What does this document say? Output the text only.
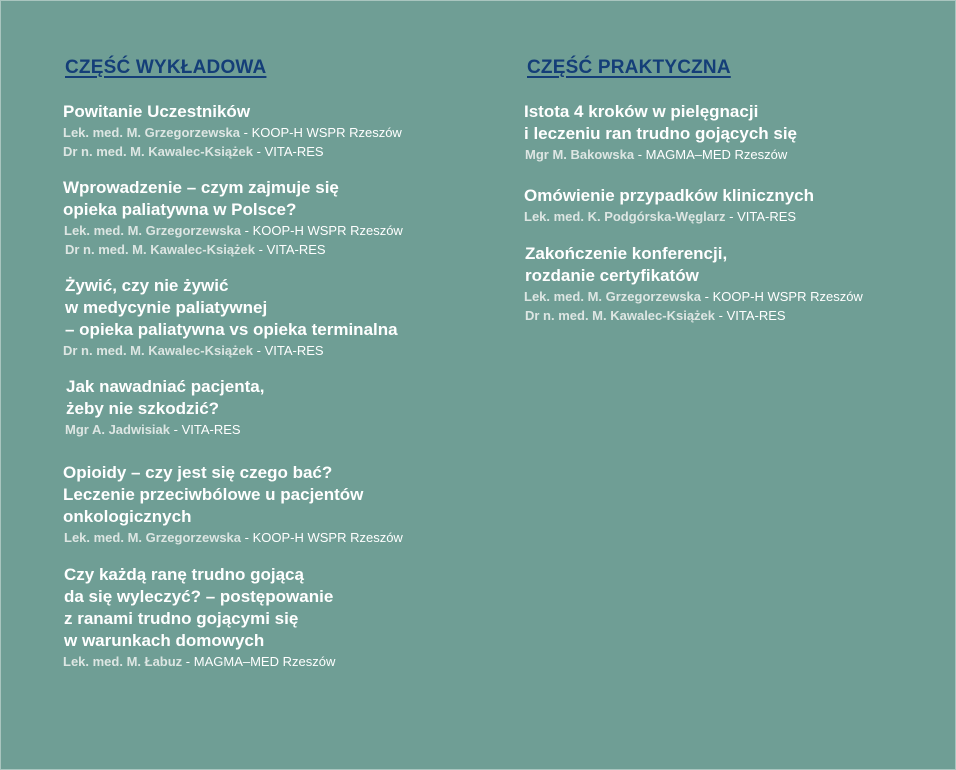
CZĘŚĆ WYKŁADOWA
Powitanie Uczestników
Lek. med. M. Grzegorzewska - KOOP-H WSPR Rzeszów
Dr n. med. M. Kawalec-Książek - VITA-RES
Wprowadzenie – czym zajmuje się
opieka paliatywna w Polsce?
Lek. med. M. Grzegorzewska - KOOP-H WSPR Rzeszów
Dr n. med. M. Kawalec-Książek - VITA-RES
Żywić, czy nie żywić
w medycynie paliatywnej
– opieka paliatywna vs opieka terminalna
Dr n. med. M. Kawalec-Książek - VITA-RES
Jak nawadniać pacjenta,
żeby nie szkodzić?
Mgr A. Jadwisiak - VITA-RES
Opioidy – czy jest się czego bać?
Leczenie przeciwbólowe u pacjentów
onkologicznych
Lek. med. M. Grzegorzewska - KOOP-H WSPR Rzeszów
Czy każdą ranę trudno gojącą
da się wyleczyć? – postępowanie
z ranami trudno gojącymi się
w warunkach domowych
Lek. med. M. Łabuz - MAGMA–MED Rzeszów
CZĘŚĆ PRAKTYCZNA
Istota 4 kroków w pielęgnacji
i leczeniu ran trudno gojących się
Mgr M. Bakowska - MAGMA–MED Rzeszów
Omówienie przypadków klinicznych
Lek. med. K. Podgórska-Węglarz - VITA-RES
Zakończenie konferencji,
rozdanie certyfikatów
Lek. med. M. Grzegorzewska - KOOP-H WSPR Rzeszów
Dr n. med. M. Kawalec-Książek - VITA-RES
